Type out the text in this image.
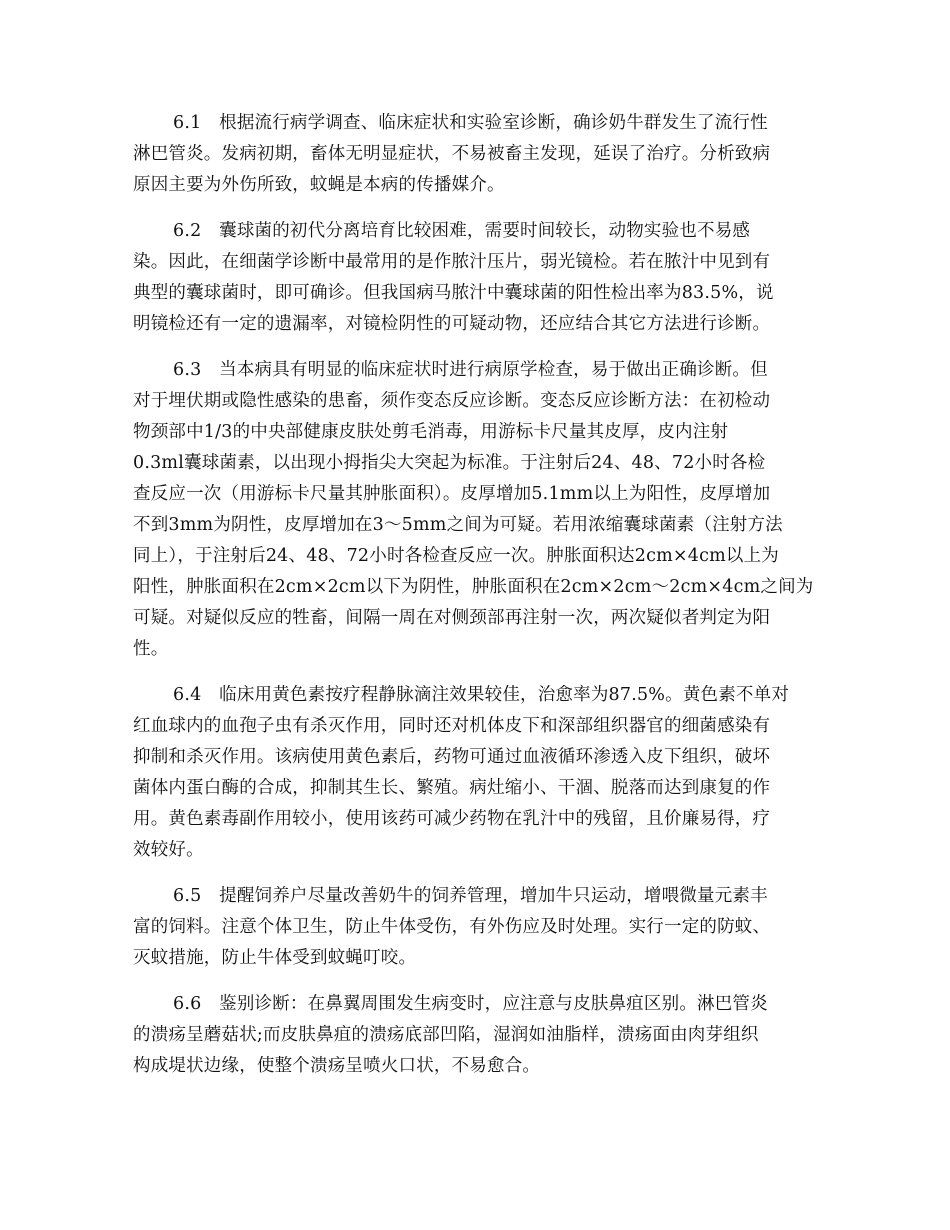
6.1　根据流行病学调查、临床症状和实验室诊断，确诊奶牛群发生了流行性
淋巴管炎。发病初期，畜体无明显症状，不易被畜主发现，延误了治疗。分析致病
原因主要为外伤所致，蚊蝇是本病的传播媒介。
6.2　囊球菌的初代分离培育比较困难，需要时间较长，动物实验也不易感
染。因此，在细菌学诊断中最常用的是作脓汁压片，弱光镜检。若在脓汁中见到有
典型的囊球菌时，即可确诊。但我国病马脓汁中囊球菌的阳性检出率为83.5%，说
明镜检还有一定的遗漏率，对镜检阴性的可疑动物，还应结合其它方法进行诊断。
6.3　当本病具有明显的临床症状时进行病原学检查，易于做出正确诊断。但
对于埋伏期或隐性感染的患畜，须作变态反应诊断。变态反应诊断方法：在初检动
物颈部中1/3的中央部健康皮肤处剪毛消毒，用游标卡尺量其皮厚，皮内注射
0.3ml囊球菌素，以出现小拇指尖大突起为标准。于注射后24、48、72小时各检
查反应一次（用游标卡尺量其肿胀面积）。皮厚增加5.1mm以上为阳性，皮厚增加
不到3mm为阴性，皮厚增加在3～5mm之间为可疑。若用浓缩囊球菌素（注射方法
同上），于注射后24、48、72小时各检查反应一次。肿胀面积达2cm×4cm以上为
阳性，肿胀面积在2cm×2cm以下为阴性，肿胀面积在2cm×2cm～2cm×4cm之间为
可疑。对疑似反应的牲畜，间隔一周在对侧颈部再注射一次，两次疑似者判定为阳
性。
6.4　临床用黄色素按疗程静脉滴注效果较佳，治愈率为87.5%。黄色素不单对
红血球内的血孢子虫有杀灭作用，同时还对机体皮下和深部组织器官的细菌感染有
抑制和杀灭作用。该病使用黄色素后，药物可通过血液循环渗透入皮下组织，破坏
菌体内蛋白酶的合成，抑制其生长、繁殖。病灶缩小、干涸、脱落而达到康复的作
用。黄色素毒副作用较小，使用该药可减少药物在乳汁中的残留，且价廉易得，疗
效较好。
6.5　提醒饲养户尽量改善奶牛的饲养管理，增加牛只运动，增喂微量元素丰
富的饲料。注意个体卫生，防止牛体受伤，有外伤应及时处理。实行一定的防蚊、
灭蚊措施，防止牛体受到蚊蝇叮咬。
6.6　鉴别诊断：在鼻翼周围发生病变时，应注意与皮肤鼻疽区别。淋巴管炎
的溃疡呈蘑菇状;而皮肤鼻疽的溃疡底部凹陷，湿润如油脂样，溃疡面由肉芽组织
构成堤状边缘，使整个溃疡呈喷火口状，不易愈合。
